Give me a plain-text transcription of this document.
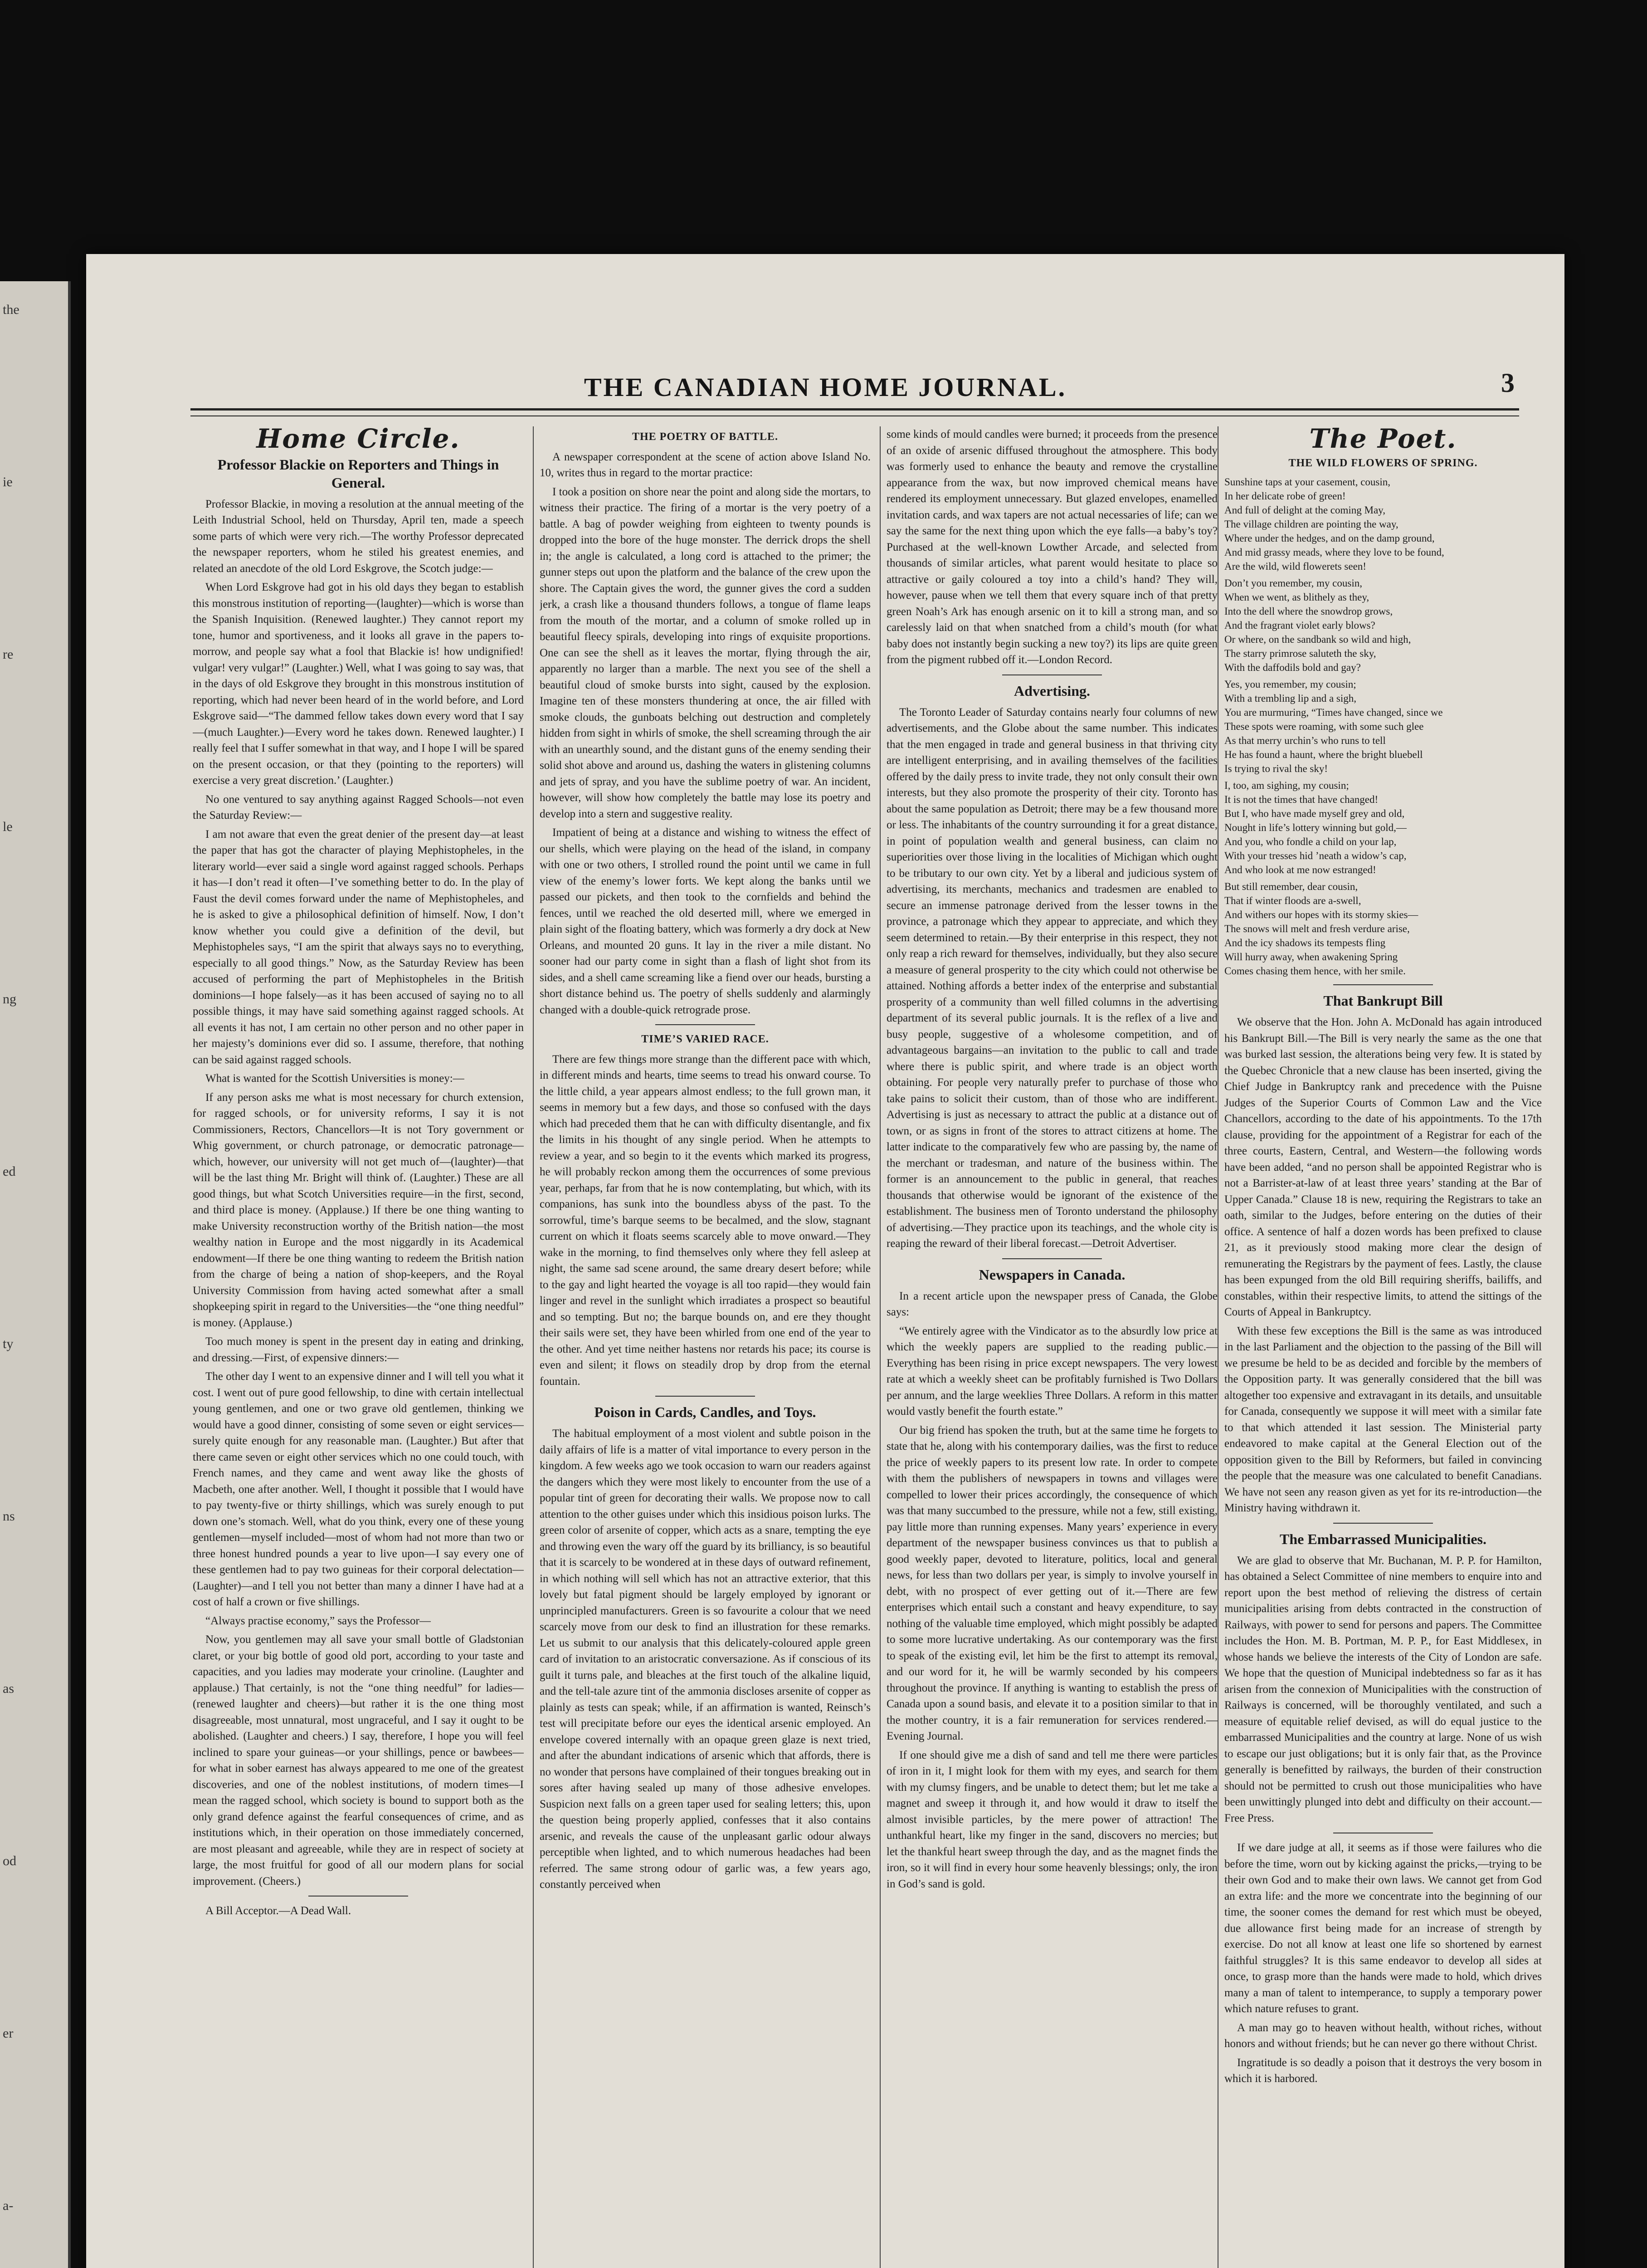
the
ie
re
le
ng
ed
ty
ns
as
od
er
a-
THE CANADIAN HOME JOURNAL.	3
Home Circle.
Professor Blackie on Reporters and Things in General.

Professor Blackie, in moving a resolution at the annual meeting of the Leith Industrial School, held on Thursday, April ten, made a speech some parts of which were very rich.—The worthy Professor deprecated the newspaper reporters, whom he stiled his greatest enemies, and related an anecdote of the old Lord Eskgrove, the Scotch judge:—

When Lord Eskgrove had got in his old days they began to establish this monstrous institution of reporting—(laughter)—which is worse than the Spanish Inquisition. (Renewed laughter.) They cannot report my tone, humor and sportiveness, and it looks all grave in the papers to-morrow, and people say what a fool that Blackie is! how undignified! vulgar! very vulgar!” (Laughter.) Well, what I was going to say was, that in the days of old Eskgrove they brought in this monstrous institution of reporting, which had never been heard of in the world before, and Lord Eskgrove said—“The dammed fellow takes down every word that I say—(much Laughter.)—Every word he takes down. Renewed laughter.) I really feel that I suffer somewhat in that way, and I hope I will be spared on the present occasion, or that they (pointing to the reporters) will exercise a very great discretion.’ (Laughter.)

No one ventured to say anything against Ragged Schools—not even the Saturday Review:—

I am not aware that even the great denier of the present day—at least the paper that has got the character of playing Mephistopheles, in the literary world—ever said a single word against ragged schools. Perhaps it has—I don’t read it often—I’ve something better to do. In the play of Faust the devil comes forward under the name of Mephistopheles, and he is asked to give a philosophical definition of himself. Now, I don’t know whether you could give a definition of the devil, but Mephistopheles says, “I am the spirit that always says no to everything, especially to all good things.” Now, as the Saturday Review has been accused of performing the part of Mephistopheles in the British dominions—I hope falsely—as it has been accused of saying no to all possible things, it may have said something against ragged schools. At all events it has not, I am certain no other person and no other paper in her majesty’s dominions ever did so. I assume, therefore, that nothing can be said against ragged schools.

What is wanted for the Scottish Universities is money:—

If any person asks me what is most necessary for church extension, for ragged schools, or for university reforms, I say it is not Commissioners, Rectors, Chancellors—It is not Tory government or Whig government, or church patronage, or democratic patronage—which, however, our university will not get much of—(laughter)—that will be the last thing Mr. Bright will think of. (Laughter.) These are all good things, but what Scotch Universities require—in the first, second, and third place is money. (Applause.) If there be one thing wanting to make University reconstruction worthy of the British nation—the most wealthy nation in Europe and the most niggardly in its Academical endowment—If there be one thing wanting to redeem the British nation from the charge of being a nation of shop-keepers, and the Royal University Commission from having acted somewhat after a small shopkeeping spirit in regard to the Universities—the “one thing needful” is money. (Applause.)

Too much money is spent in the present day in eating and drinking, and dressing.—First, of expensive dinners:—

The other day I went to an expensive dinner and I will tell you what it cost. I went out of pure good fellowship, to dine with certain intellectual young gentlemen, and one or two grave old gentlemen, thinking we would have a good dinner, consisting of some seven or eight services—surely quite enough for any reasonable man. (Laughter.) But after that there came seven or eight other services which no one could touch, with French names, and they came and went away like the ghosts of Macbeth, one after another. Well, I thought it possible that I would have to pay twenty-five or thirty shillings, which was surely enough to put down one’s stomach. Well, what do you think, every one of these young gentlemen—myself included—most of whom had not more than two or three honest hundred pounds a year to live upon—I say every one of these gentlemen had to pay two guineas for their corporal delectation—(Laughter)—and I tell you not better than many a dinner I have had at a cost of half a crown or five shillings.

“Always practise economy,” says the Professor—

Now, you gentlemen may all save your small bottle of Gladstonian claret, or your big bottle of good old port, according to your taste and capacities, and you ladies may moderate your crinoline. (Laughter and applause.) That certainly, is not the “one thing needful” for ladies—(renewed laughter and cheers)—but rather it is the one thing most disagreeable, most unnatural, most ungraceful, and I say it ought to be abolished. (Laughter and cheers.) I say, therefore, I hope you will feel inclined to spare your guineas—or your shillings, pence or bawbees—for what in sober earnest has always appeared to me one of the greatest discoveries, and one of the noblest institutions, of modern times—I mean the ragged school, which society is bound to support both as the only grand defence against the fearful consequences of crime, and as institutions which, in their operation on those immediately concerned, are most pleasant and agreeable, while they are in respect of society at large, the most fruitful for good of all our modern plans for social improvement. (Cheers.)

A Bill Acceptor.—A Dead Wall.

THE POETRY OF BATTLE.

A newspaper correspondent at the scene of action above Island No. 10, writes thus in regard to the mortar practice:

I took a position on shore near the point and along side the mortars, to witness their practice. The firing of a mortar is the very poetry of a battle. A bag of powder weighing from eighteen to twenty pounds is dropped into the bore of the huge monster. The derrick drops the shell in; the angle is calculated, a long cord is attached to the primer; the gunner steps out upon the platform and the balance of the crew upon the shore. The Captain gives the word, the gunner gives the cord a sudden jerk, a crash like a thousand thunders follows, a tongue of flame leaps from the mouth of the mortar, and a column of smoke rolled up in beautiful fleecy spirals, developing into rings of exquisite proportions. One can see the shell as it leaves the mortar, flying through the air, apparently no larger than a marble. The next you see of the shell a beautiful cloud of smoke bursts into sight, caused by the explosion. Imagine ten of these monsters thundering at once, the air filled with smoke clouds, the gunboats belching out destruction and completely hidden from sight in whirls of smoke, the shell screaming through the air with an unearthly sound, and the distant guns of the enemy sending their solid shot above and around us, dashing the waters in glistening columns and jets of spray, and you have the sublime poetry of war. An incident, however, will show how completely the battle may lose its poetry and develop into a stern and suggestive reality.

Impatient of being at a distance and wishing to witness the effect of our shells, which were playing on the head of the island, in company with one or two others, I strolled round the point until we came in full view of the enemy’s lower forts. We kept along the banks until we passed our pickets, and then took to the cornfields and behind the fences, until we reached the old deserted mill, where we emerged in plain sight of the floating battery, which was formerly a dry dock at New Orleans, and mounted 20 guns. It lay in the river a mile distant. No sooner had our party come in sight than a flash of light shot from its sides, and a shell came screaming like a fiend over our heads, bursting a short distance behind us. The poetry of shells suddenly and alarmingly changed with a double-quick retrograde prose.

TIME’S VARIED RACE.

There are few things more strange than the different pace with which, in different minds and hearts, time seems to tread his onward course. To the little child, a year appears almost endless; to the full grown man, it seems in memory but a few days, and those so confused with the days which had preceded them that he can with difficulty disentangle, and fix the limits in his thought of any single period. When he attempts to review a year, and so begin to it the events which marked its progress, he will probably reckon among them the occurrences of some previous year, perhaps, far from that he is now contemplating, but which, with its companions, has sunk into the boundless abyss of the past. To the sorrowful, time’s barque seems to be becalmed, and the slow, stagnant current on which it floats seems scarcely able to move onward.—They wake in the morning, to find themselves only where they fell asleep at night, the same sad scene around, the same dreary desert before; while to the gay and light hearted the voyage is all too rapid—they would fain linger and revel in the sunlight which irradiates a prospect so beautiful and so tempting. But no; the barque bounds on, and ere they thought their sails were set, they have been whirled from one end of the year to the other. And yet time neither hastens nor retards his pace; its course is even and silent; it flows on steadily drop by drop from the eternal fountain.

Poison in Cards, Candles, and Toys.

The habitual employment of a most violent and subtle poison in the daily affairs of life is a matter of vital importance to every person in the kingdom. A few weeks ago we took occasion to warn our readers against the dangers which they were most likely to encounter from the use of a popular tint of green for decorating their walls. We propose now to call attention to the other guises under which this insidious poison lurks. The green color of arsenite of copper, which acts as a snare, tempting the eye and throwing even the wary off the guard by its brilliancy, is so beautiful that it is scarcely to be wondered at in these days of outward refinement, in which nothing will sell which has not an attractive exterior, that this lovely but fatal pigment should be largely employed by ignorant or unprincipled manufacturers. Green is so favourite a colour that we need scarcely move from our desk to find an illustration for these remarks. Let us submit to our analysis that this delicately-coloured apple green card of invitation to an aristocratic conversazione. As if conscious of its guilt it turns pale, and bleaches at the first touch of the alkaline liquid, and the tell-tale azure tint of the ammonia discloses arsenite of copper as plainly as tests can speak; while, if an affirmation is wanted, Reinsch’s test will precipitate before our eyes the identical arsenic employed. An envelope covered internally with an opaque green glaze is next tried, and after the abundant indications of arsenic which that affords, there is no wonder that persons have complained of their tongues breaking out in sores after having sealed up many of those adhesive envelopes. Suspicion next falls on a green taper used for sealing letters; this, upon the question being properly applied, confesses that it also contains arsenic, and reveals the cause of the unpleasant garlic odour always perceptible when lighted, and to which numerous headaches had been referred. The same strong odour of garlic was, a few years ago, constantly perceived when

some kinds of mould candles were burned; it proceeds from the presence of an oxide of arsenic diffused throughout the atmosphere. This body was formerly used to enhance the beauty and remove the crystalline appearance from the wax, but now improved chemical means have rendered its employment unnecessary. But glazed envelopes, enamelled invitation cards, and wax tapers are not actual necessaries of life; can we say the same for the next thing upon which the eye falls—a baby’s toy? Purchased at the well-known Lowther Arcade, and selected from thousands of similar articles, what parent would hesitate to place so attractive or gaily coloured a toy into a child’s hand? They will, however, pause when we tell them that every square inch of that pretty green Noah’s Ark has enough arsenic on it to kill a strong man, and so carelessly laid on that when snatched from a child’s mouth (for what baby does not instantly begin sucking a new toy?) its lips are quite green from the pigment rubbed off it.—London Record.

Advertising.

The Toronto Leader of Saturday contains nearly four columns of new advertisements, and the Globe about the same number. This indicates that the men engaged in trade and general business in that thriving city are intelligent enterprising, and in availing themselves of the facilities offered by the daily press to invite trade, they not only consult their own interests, but they also promote the prosperity of their city. Toronto has about the same population as Detroit; there may be a few thousand more or less. The inhabitants of the country surrounding it for a great distance, in point of population wealth and general business, can claim no superiorities over those living in the localities of Michigan which ought to be tributary to our own city. Yet by a liberal and judicious system of advertising, its merchants, mechanics and tradesmen are enabled to secure an immense patronage derived from the lesser towns in the province, a patronage which they appear to appreciate, and which they seem determined to retain.—By their enterprise in this respect, they not only reap a rich reward for themselves, individually, but they also secure a measure of general prosperity to the city which could not otherwise be attained. Nothing affords a better index of the enterprise and substantial prosperity of a community than well filled columns in the advertising department of its several public journals. It is the reflex of a live and busy people, suggestive of a wholesome competition, and of advantageous bargains—an invitation to the public to call and trade where there is public spirit, and where trade is an object worth obtaining. For people very naturally prefer to purchase of those who take pains to solicit their custom, than of those who are indifferent. Advertising is just as necessary to attract the public at a distance out of town, or as signs in front of the stores to attract citizens at home. The latter indicate to the comparatively few who are passing by, the name of the merchant or tradesman, and nature of the business within. The former is an announcement to the public in general, that reaches thousands that otherwise would be ignorant of the existence of the establishment. The business men of Toronto understand the philosophy of advertising.—They practice upon its teachings, and the whole city is reaping the reward of their liberal forecast.—Detroit Advertiser.

Newspapers in Canada.

In a recent article upon the newspaper press of Canada, the Globe says:

“We entirely agree with the Vindicator as to the absurdly low price at which the weekly papers are supplied to the reading public.—Everything has been rising in price except newspapers. The very lowest rate at which a weekly sheet can be profitably furnished is Two Dollars per annum, and the large weeklies Three Dollars. A reform in this matter would vastly benefit the fourth estate.”

Our big friend has spoken the truth, but at the same time he forgets to state that he, along with his contemporary dailies, was the first to reduce the price of weekly papers to its present low rate. In order to compete with them the publishers of newspapers in towns and villages were compelled to lower their prices accordingly, the consequence of which was that many succumbed to the pressure, while not a few, still existing, pay little more than running expenses. Many years’ experience in every department of the newspaper business convinces us that to publish a good weekly paper, devoted to literature, politics, local and general news, for less than two dollars per year, is simply to involve yourself in debt, with no prospect of ever getting out of it.—There are few enterprises which entail such a constant and heavy expenditure, to say nothing of the valuable time employed, which might possibly be adapted to some more lucrative undertaking. As our contemporary was the first to speak of the existing evil, let him be the first to attempt its removal, and our word for it, he will be warmly seconded by his compeers throughout the province. If anything is wanting to establish the press of Canada upon a sound basis, and elevate it to a position similar to that in the mother country, it is a fair remuneration for services rendered.—Evening Journal.

If one should give me a dish of sand and tell me there were particles of iron in it, I might look for them with my eyes, and search for them with my clumsy fingers, and be unable to detect them; but let me take a magnet and sweep it through it, and how would it draw to itself the almost invisible particles, by the mere power of attraction! The unthankful heart, like my finger in the sand, discovers no mercies; but let the thankful heart sweep through the day, and as the magnet finds the iron, so it will find in every hour some heavenly blessings; only, the iron in God’s sand is gold.

The Poet.
THE WILD FLOWERS OF SPRING.

Sunshine taps at your casement, cousin,
In her delicate robe of green!
And full of delight at the coming May,
The village children are pointing the way,
Where under the hedges, and on the damp ground,
And mid grassy meads, where they love to be found,
Are the wild, wild flowerets seen!

Don’t you remember, my cousin,
When we went, as blithely as they,
Into the dell where the snowdrop grows,
And the fragrant violet early blows?
Or where, on the sandbank so wild and high,
The starry primrose saluteth the sky,
With the daffodils bold and gay?

Yes, you remember, my cousin;
With a trembling lip and a sigh,
You are murmuring, “Times have changed, since we
These spots were roaming, with some such glee
As that merry urchin’s who runs to tell
He has found a haunt, where the bright bluebell
Is trying to rival the sky!

I, too, am sighing, my cousin;
It is not the times that have changed!
But I, who have made myself grey and old,
Nought in life’s lottery winning but gold,—
And you, who fondle a child on your lap,
With your tresses hid ’neath a widow’s cap,
And who look at me now estranged!

But still remember, dear cousin,
That if winter floods are a-swell,
And withers our hopes with its stormy skies—
The snows will melt and fresh verdure arise,
And the icy shadows its tempests fling
Will hurry away, when awakening Spring
Comes chasing them hence, with her smile.

That Bankrupt Bill

We observe that the Hon. John A. McDonald has again introduced his Bankrupt Bill.—The Bill is very nearly the same as the one that was burked last session, the alterations being very few. It is stated by the Quebec Chronicle that a new clause has been inserted, giving the Chief Judge in Bankruptcy rank and precedence with the Puisne Judges of the Superior Courts of Common Law and the Vice Chancellors, according to the date of his appointments. To the 17th clause, providing for the appointment of a Registrar for each of the three courts, Eastern, Central, and Western—the following words have been added, “and no person shall be appointed Registrar who is not a Barrister-at-law of at least three years’ standing at the Bar of Upper Canada.” Clause 18 is new, requiring the Registrars to take an oath, similar to the Judges, before entering on the duties of their office. A sentence of half a dozen words has been prefixed to clause 21, as it previously stood making more clear the design of remunerating the Registrars by the payment of fees. Lastly, the clause has been expunged from the old Bill requiring sheriffs, bailiffs, and constables, within their respective limits, to attend the sittings of the Courts of Appeal in Bankruptcy.

With these few exceptions the Bill is the same as was introduced in the last Parliament and the objection to the passing of the Bill will we presume be held to be as decided and forcible by the members of the Opposition party. It was generally considered that the bill was altogether too expensive and extravagant in its details, and unsuitable for Canada, consequently we suppose it will meet with a similar fate to that which attended it last session. The Ministerial party endeavored to make capital at the General Election out of the opposition given to the Bill by Reformers, but failed in convincing the people that the measure was one calculated to benefit Canadians. We have not seen any reason given as yet for its re-introduction—the Ministry having withdrawn it.

The Embarrassed Municipalities.

We are glad to observe that Mr. Buchanan, M. P. P. for Hamilton, has obtained a Select Committee of nine members to enquire into and report upon the best method of relieving the distress of certain municipalities arising from debts contracted in the construction of Railways, with power to send for persons and papers. The Committee includes the Hon. M. B. Portman, M. P. P., for East Middlesex, in whose hands we believe the interests of the City of London are safe. We hope that the question of Municipal indebtedness so far as it has arisen from the connexion of Municipalities with the construction of Railways is concerned, will be thoroughly ventilated, and such a measure of equitable relief devised, as will do equal justice to the embarrassed Municipalities and the country at large. None of us wish to escape our just obligations; but it is only fair that, as the Province generally is benefitted by railways, the burden of their construction should not be permitted to crush out those municipalities who have been unwittingly plunged into debt and difficulty on their account.—Free Press.

If we dare judge at all, it seems as if those were failures who die before the time, worn out by kicking against the pricks,—trying to be their own God and to make their own laws. We cannot get from God an extra life: and the more we concentrate into the beginning of our time, the sooner comes the demand for rest which must be obeyed, due allowance first being made for an increase of strength by exercise. Do not all know at least one life so shortened by earnest faithful struggles? It is this same endeavor to develop all sides at once, to grasp more than the hands were made to hold, which drives many a man of talent to intemperance, to supply a temporary power which nature refuses to grant.

A man may go to heaven without health, without riches, without honors and without friends; but he can never go there without Christ.

Ingratitude is so deadly a poison that it destroys the very bosom in which it is harbored.
